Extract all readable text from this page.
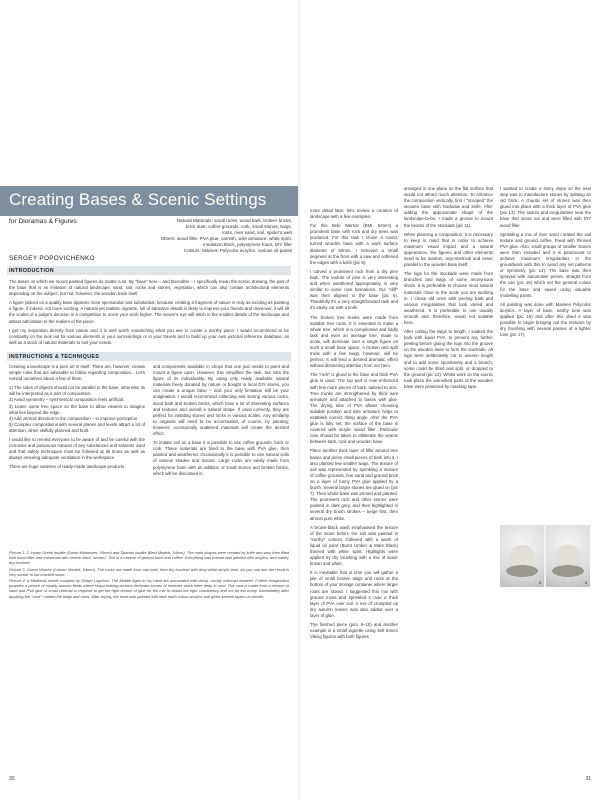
Creating Bases & Scenic Settings
for Dioramas & Figures	Natural Materials: small rocks, wood bark, broken bricks,
brick dust, coffee grounds, cork, small stones, twigs,
roots, river sand, soil, spider's web
Others: wood filler, PVA glue, varnish, wire armature, white spirit,
insulation block, polystyrene foam, DIY filler
Colours: Maimeri Polycolor acrylics, various oil paints
SERGEY POPOVICHENKO
INTRODUCTION

The bases on which we mount painted figures do matter a lot. By "base" here – and thereafter – I specifically mean the scenic drawing, the part of the base that is an imitation of natural landscape, sand, soil, rocks and stones, vegetation, which can also contain architectural elements depending on the subject, but not, however, the wooden base itself.

A figure placed on a quality base appears more spectacular and substantial, because creating a fragment of nature is truly as exciting as painting a figure, if indeed, not more exciting. A natural yet realistic vignette, full of attractive details is likely to impress your friends and moreover, it will tilt the scales of a judge's decision in a competition to score your work higher. The viewer's eye will relish in the smaller details of the landscape and attract admiration to the realism of the piece.

I get my inspiration directly from nature and it is well worth researching what you see to create a worthy piece. I would recommend to be constantly on the look out for various elements in your surroundings or in your travels and to build up your own pictorial reference database, as well as a stock of natural materials to suit your needs.

INSTRUCTIONS & TECHNIQUES

Creating a landscape is a pure art in itself. There are, however, certain simple rules that are advisable to follow regarding composition... Let's remind ourselves about a few of them.

1) The sides of objects should not be parallel to the base, otherwise its will be interpreted as a part of composition.
2) Avoid symmetry – symmetrical composition feels artificial.
3) Leave some free space on the base to allow viewers to imagine what lies beyond the edge.
4) Add vertical direction to the composition – to improve perception.

5) Complex compositions with several planes and levels attract a lot of attention, when skilfully planned and built.

I would like to remind everyone to be aware of and be careful with the corrosive and poisonous natures of any substances and solvents used and that safety techniques must be followed at all times as well as always ensuring adequate ventilation in the workspace.

There are huge varieties of ready-made landscape products

and components available in shops that one just needs to paint and mount a figure upon. However, this simplifies the task, but robs the figure of its individuality. By using only ready available natural materials freely donated by nature or bought in local DIY stores, you can create a unique base – and your only limitation will be your imagination. I would recommend collecting and storing various rocks, wood bark and broken bricks, which have a lot of interesting surfaces and textures and overall a natural shape. If used correctly, they are perfect for imitating stones and rocks in various scales. Any similarity to originals will need to be accentuated, of course, by painting; however, occasionally unaltered materials will create the desired effect.

To imitate soil on a base it is possible to use coffee grounds, brick or cork. These materials are fixed to the base with PVA glue, then painted and weathered. Occasionally it is possible to use natural soils of various shades and texture. Large rocks are easily made from polystyrene foam with an addition of small stones and broken bricks, which will be discussed in

Picture 1, 2. Hoary Greek hoplite (Sartor Miniatures, 54mm) and Spartan hoplite (Best Models, 54mm). The main shapes were created by knife and saw, then filled with wood filler and enhanced with broken brick "stones". Soil is a mixture of ground brick and coffee. Everything was primed and painted with acrylics, and mainly dry brushed.

Picture 3. Saxon Warrior (Latorre Models, 54mm). The rocks are made from oak bark, then dry brushed with drop white acrylic tone. As you can see the result is very similar to old cracked stone.

Picture 4. A Medieval archer sculpted by Sergei Logvinov. The Middle Ages to my mind are associated with damp, cloudy overcast weather. Further imagination provides a picture of muddy autumn fields where sharp-looking archers decimate scores of enemies stuck knee deep in mud. The mud is made from a mixture of sand and PVA glue. A small contrast is required to get the right texture of glue for the mix to obtain the right consistency and not be too runny. Immediately after applying the "mud" I added the twigs and roots. After drying, the base was painted with dark earth colour acrylics and given several layers of varnish.

30

more detail later, let's review a creation of landscape with a few examples.

For this Italic Warrior (EMI, 54mm) a prominent base with rock and dry trees was produced. For this task I chose a round, turned wooden base with a work surface diameter of 60mm. I removed a small segment at the front with a saw and softened the edges with a knife (pic 5).

I carved a prominent rock from a dry pine bark. The texture of pine is very interesting and when weathered appropriately, is very similar to some rock formations. Our "cliff" was then aligned to the base (pic 6). Thankfully it's a very straightforward task and it's easily cut with a knife.

The broken tree trunks were made from suitable tree roots. It is essential to make a whole tree, which is a complicated and fiddly task and even an average tree, made to scale, will dominate over a single figure on such a small base space. A broken and split trunk with a few twigs, however, will be perfect. It will lend a desired dramatic effect without distracting attention from our hero.

The "rock" is glued to the base and thick PVA glue is used. The top part is now enhanced with few more pieces of bark, tailored to size. Tree trunks are strengthened by thick wire armature and attached to bases with glue. The drying time of PVA allows choosing suitable position and wire armature helps to establish correct tilting angle. After the PVA glue is fully set, the surface of the base is covered with acrylic wood filler. Particular care should be taken to obliterate the seams between bark, rock and wooden base.

Place another thick layer of filler around tree bases and press small pieces of bark into it. I also planted few smaller twigs. The texture of soil was represented by sprinkling a mixture of coffee grounds, fine sand and ground brick on a layer of runny PVA glue applied by a brush. Several larger stones are glued on (pic 7). Then whole base was primed and painted. The prominent rock and other stones were painted in dark grey, and then highlighted in several dry brush strokes – beige first, then almost pure white.

A brown-black wash emphasised the texture of the stone before the soil was painted in "earthy" colours, followed with a wash of liquid oil paint (Burnt Umber & Mars Black) thinned with white spirit. Highlights were applied by dry brushing with a mix of sand-brown and white.

It is inevitable that in time you will gather a pile of small broken twigs and roots at the bottom of your storage container where larger roots are stored. I suggested this mix with ground moss and sprinkled it over a thick layer of PVA over soil. A mix of crumpled up dry autumn leaves was also added over a layer of glue.

The finished piece (pics 8–10) and another example is a small vignette using Sell 54mm Viking figures with both figures

arranged in one plane on the flat surface that would not attract much attention. To enhance the composition vertically, first I "scooped" the wooden base with hacksaw and knife. After adding the approximate shape of the landscape-to-be, I made a groove to mount the beams of the stockade (pic 11).

When planning a composition, it is necessary to keep in mind that in order to achieve maximum visual impact and a natural appearance, the figures and other elements need to be random, asymmetrical and never parallel to the wooden base itself.

The logs for the stockade were made from branches and twigs of some anonymous shrub. It is preferable to choose most natural materials close to the scale you are working in. I chose old ones with peeling bark and various irregularities that look varied and weathered. It is preferable to use usually smooth and, therefore, would not suitable here.

After cutting the twigs to length, I soaked the bark with liquid PVA, to prevent any further peeling before gluing the logs into the groove on the wooden base to form the stockade. All logs were deliberately cut to uneven length and to add some spontaneity and a breach, some could be tilted and split, or dropped to the ground (pic 12). Whilst work on the scenic took place the varnished parts of the wooden base were protected by masking tape.

I wanted to create a stony slope so the next step was to manufacture stones by splitting an old brick. A chaotic set of stones was then glued into place with a thick layer of PVA glue (pic 13). The seams and irregularities near the base that stood out and were filled with DIY wood filler.

Sprinkling a mix of river sand created the soil texture and ground coffee. Fixed with thinned PVA glue. Also, small groups of smaller stones were then included and it is paramount to achieve maximum irregularities in the groundwork with this to avoid any set patterns or symmetry (pic 14). The base was then sprayed with automobile primer, straight from the can (pic 15) which set the general colour for the base and saved using valuable modelling paints.

All painting was done with Maimeri Polycolor acrylics. A layer of base, earthy tone was applied (pic 16) and after this dried it was possible to begin bringing out the textures by dry brushing with several passes of a lighter tone (pic 17).

31
5	6
